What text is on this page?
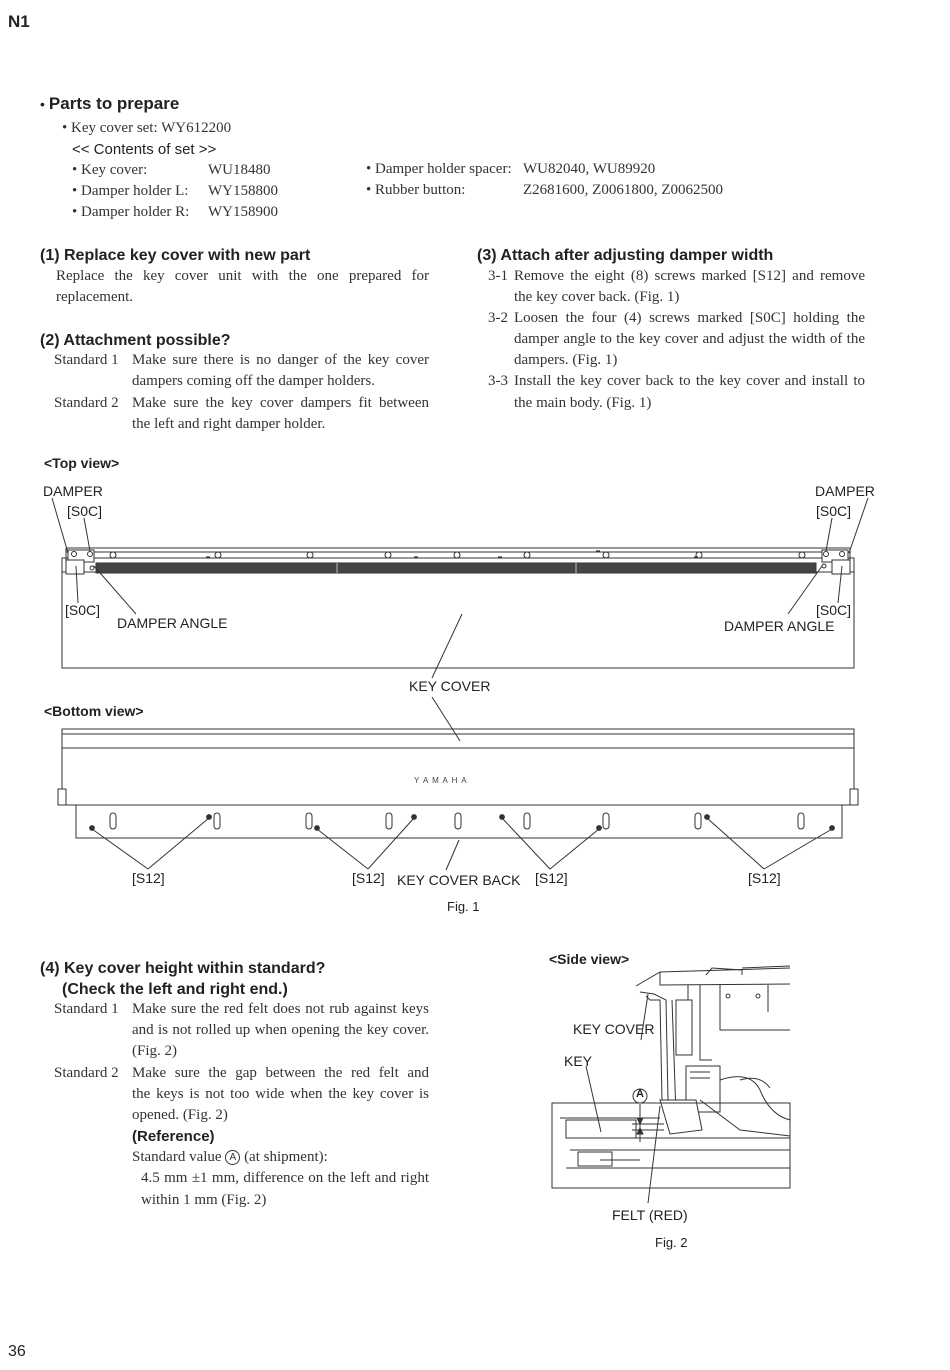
N1
• Parts to prepare
• Key cover set: WY612200
<< Contents of set >>
• Key cover:	WU18480
• Damper holder L: WY158800
• Damper holder R: WY158900
• Damper holder spacer: WU82040, WU89920
• Rubber button:	Z2681600, Z0061800, Z0062500
(1) Replace key cover with new part
Replace the key cover unit with the one prepared for
replacement.
(2) Attachment possible?
Standard 1 Make sure there is no danger of the key cover
dampers coming off the damper holders.
Standard 2 Make sure the key cover dampers fit between
the left and right damper holder.
(3) Attach after adjusting damper width
3-1 Remove the eight (8) screws marked [S12] and remove
the key cover back. (Fig. 1)
3-2 Loosen the four (4) screws marked [S0C] holding the
damper angle to the key cover and adjust the width of the
dampers. (Fig. 1)
3-3 Install the key cover back to the key cover and install to
the main body. (Fig. 1)
<Top view>
DAMPER
[S0C]
DAMPER
[S0C]
[S0C]
DAMPER ANGLE
[S0C]
DAMPER ANGLE
KEY COVER
<Bottom view>
Y A M A H A
[S12]	[S12] KEY COVER BACK [S12]	[S12]
Fig. 1
(4) Key cover height within standard?
(Check the left and right end.)
Standard 1 Make sure the red felt does not rub against keys
and is not rolled up when opening the key cover.
(Fig. 2)
Standard 2 Make sure the gap between the red felt and
the keys is not too wide when the key cover is
opened. (Fig. 2)
(Reference)
Standard value A (at shipment):
4.5 mm ±1 mm, difference on the left and right
within 1 mm (Fig. 2)
<Side view>
KEY COVER
KEY
A
FELT (RED)
Fig. 2
36
